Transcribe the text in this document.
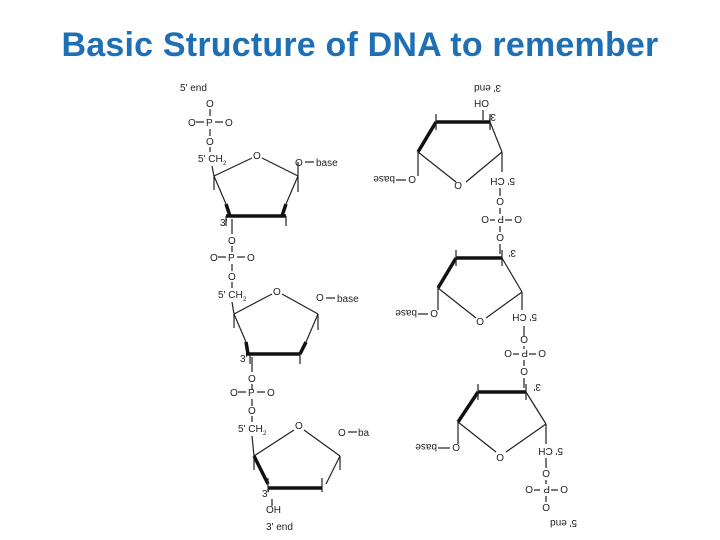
Basic Structure of DNA to remember
5' end
O
O P O
O
5' CH 2
O
O base
3'
O
O P O
O
5' CH 2
O
O base
3'
O
O P O
O
5' CH 2
O
O ba
3'
OH
3' end
3' end
OH
3'
O
O
base	5' CH
O
O P O
O
3'
O
O
base	5' CH
O
O P O
O
3'
O
O
base	5' CH
O
O P O
O
5' end
